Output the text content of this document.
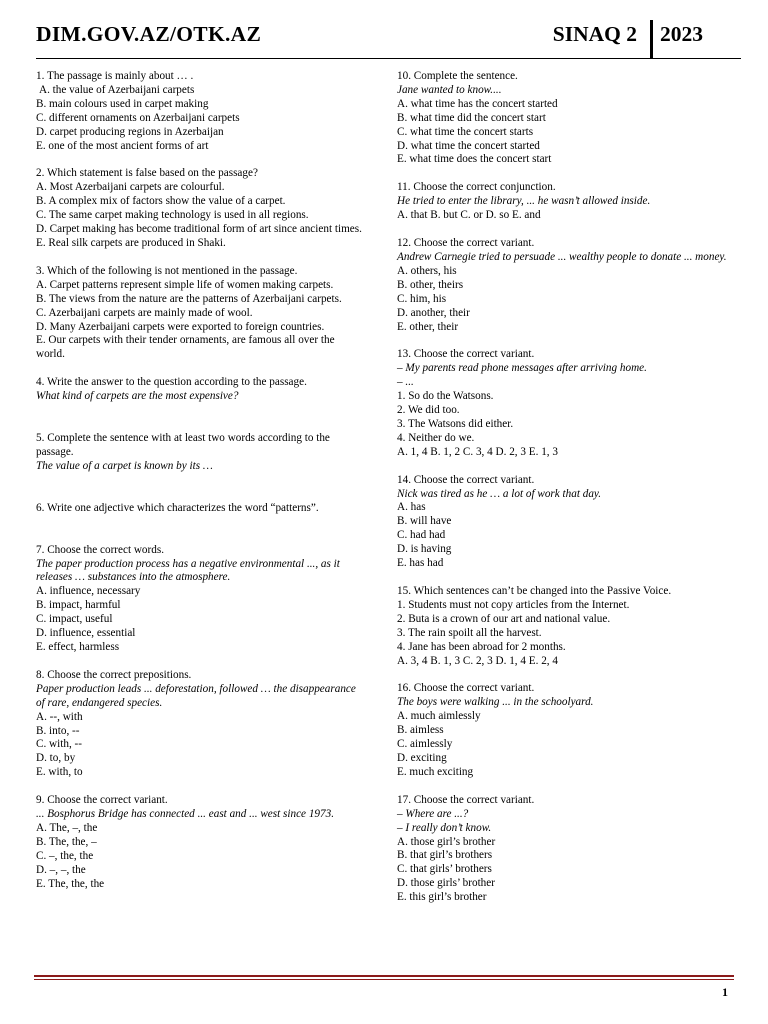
DIM.GOV.AZ/OTK.AZ	SINAQ 2 2023
1. The passage is mainly about … .
A. the value of Azerbaijani carpets
B. main colours used in carpet making
C. different ornaments on Azerbaijani carpets
D. carpet producing regions in Azerbaijan
E. one of the most ancient forms of art
2. Which statement is false based on the passage?
A. Most Azerbaijani carpets are colourful.
B. A complex mix of factors show the value of a carpet.
C. The same carpet making technology is used in all regions.
D. Carpet making has become traditional form of art since ancient times.
E. Real silk carpets are produced in Shaki.
3. Which of the following is not mentioned in the passage.
A. Carpet patterns represent simple life of women making carpets.
B. The views from the nature are the patterns of Azerbaijani carpets.
C. Azerbaijani carpets are mainly made of wool.
D. Many Azerbaijani carpets were exported to foreign countries.
E. Our carpets with their tender ornaments, are famous all over the world.
4. Write the answer to the question according to the passage.
What kind of carpets are the most expensive?
5. Complete the sentence with at least two words according to the passage.
The value of a carpet is known by its …
6. Write one adjective which characterizes the word “patterns”.
7. Choose the correct words.
The paper production process has a negative environmental ..., as it releases … substances into the atmosphere.
A. influence, necessary
B. impact, harmful
C. impact, useful
D. influence, essential
E. effect, harmless
8. Choose the correct prepositions.
Paper production leads ... deforestation, followed … the disappearance of rare, endangered species.
A. --, with
B. into, --
C. with, --
D. to, by
E. with, to
9. Choose the correct variant.
... Bosphorus Bridge has connected ... east and ... west since 1973.
A. The, –, the
B. The, the, –
C. –, the, the
D. –, –, the
E. The, the, the
10. Complete the sentence.
Jane wanted to know....
A. what time has the concert started
B. what time did the concert start
C. what time the concert starts
D. what time the concert started
E. what time does the concert start
11. Choose the correct conjunction.
He tried to enter the library, ... he wasn’t allowed inside.
A. that B. but C. or D. so E. and
12. Choose the correct variant.
Andrew Carnegie tried to persuade ... wealthy people to donate ... money.
A. others, his
B. other, theirs
C. him, his
D. another, their
E. other, their
13. Choose the correct variant.
– My parents read phone messages after arriving home.
– ...
1. So do the Watsons.
2. We did too.
3. The Watsons did either.
4. Neither do we.
A. 1, 4 B. 1, 2 C. 3, 4 D. 2, 3 E. 1, 3
14. Choose the correct variant.
Nick was tired as he … a lot of work that day.
A. has
B. will have
C. had had
D. is having
E. has had
15. Which sentences can’t be changed into the Passive Voice.
1. Students must not copy articles from the Internet.
2. Buta is a crown of our art and national value.
3. The rain spoilt all the harvest.
4. Jane has been abroad for 2 months.
A. 3, 4 B. 1, 3 C. 2, 3 D. 1, 4 E. 2, 4
16. Choose the correct variant.
The boys were walking ... in the schoolyard.
A. much aimlessly
B. aimless
C. aimlessly
D. exciting
E. much exciting
17. Choose the correct variant.
– Where are ...?
– I really don’t know.
A. those girl’s brother
B. that girl’s brothers
C. that girls’ brothers
D. those girls’ brother
E. this girl’s brother
1
